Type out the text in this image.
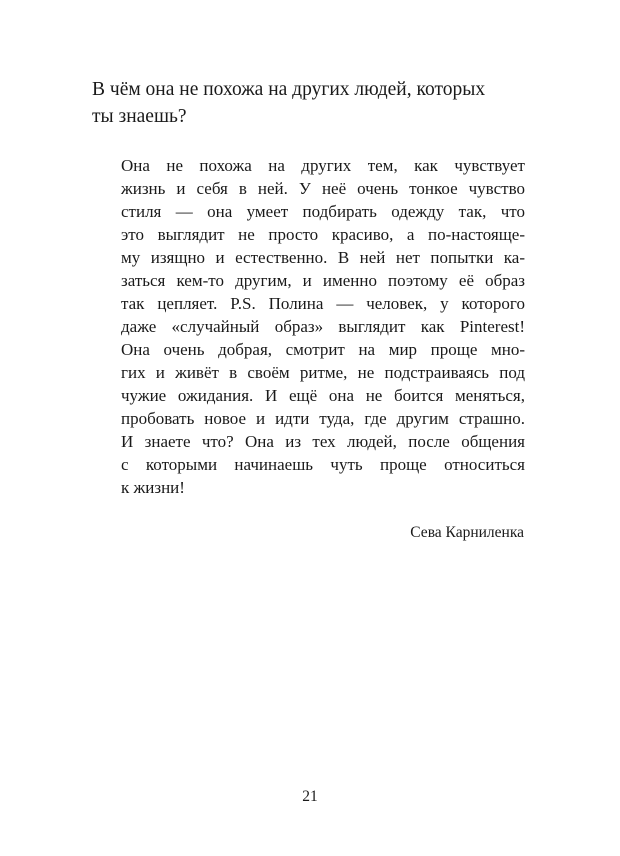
В чём она не похожа на других людей, которых
ты знаешь?
Она не похожа на других тем, как чувствует
жизнь и себя в ней. У неё очень тонкое чувство
стиля — она умеет подбирать одежду так, что
это выглядит не просто красиво, а по-настояще-
му изящно и естественно. В ней нет попытки ка-
заться кем-то другим, и именно поэтому её образ
так цепляет. P.S. Полина — человек, у которого
даже «случайный образ» выглядит как Pinterest!
Она очень добрая, смотрит на мир проще мно-
гих и живёт в своём ритме, не подстраиваясь под
чужие ожидания. И ещё она не боится меняться,
пробовать новое и идти туда, где другим страшно.
И знаете что? Она из тех людей, после общения
с которыми начинаешь чуть проще относиться
к жизни!

Сева Карниленка

21
